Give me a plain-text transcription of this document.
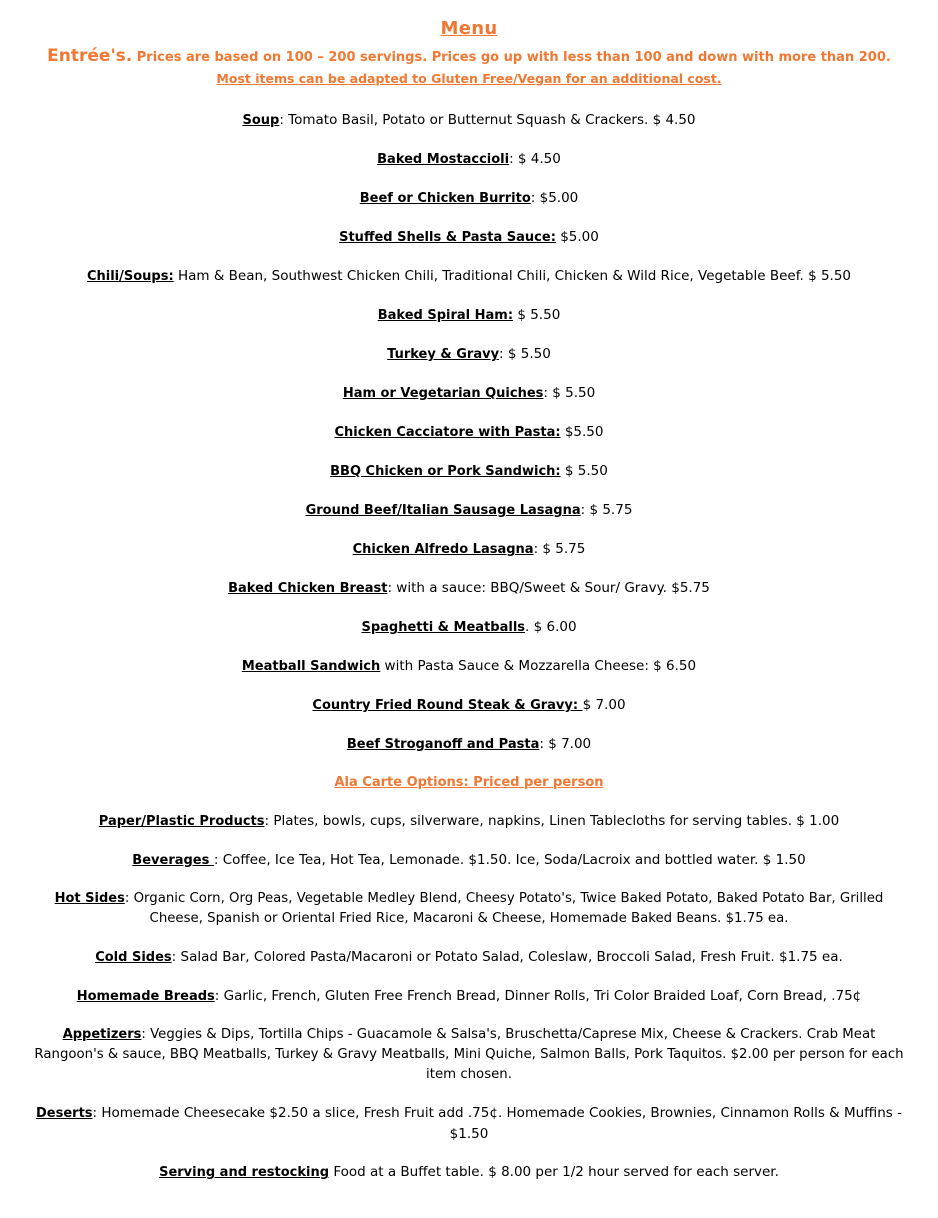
Menu
Entrée's. Prices are based on 100 – 200 servings. Prices go up with less than 100 and down with more than 200.
Most items can be adapted to Gluten Free/Vegan for an additional cost.
Soup: Tomato Basil, Potato or Butternut Squash & Crackers. $ 4.50
Baked Mostaccioli: $ 4.50
Beef or Chicken Burrito: $5.00
Stuffed Shells & Pasta Sauce: $5.00
Chili/Soups: Ham & Bean, Southwest Chicken Chili, Traditional Chili, Chicken & Wild Rice, Vegetable Beef. $ 5.50
Baked Spiral Ham: $ 5.50
Turkey & Gravy: $ 5.50
Ham or Vegetarian Quiches: $ 5.50
Chicken Cacciatore with Pasta: $5.50
BBQ Chicken or Pork Sandwich: $ 5.50
Ground Beef/Italian Sausage Lasagna: $ 5.75
Chicken Alfredo Lasagna: $ 5.75
Baked Chicken Breast: with a sauce: BBQ/Sweet & Sour/ Gravy. $5.75
Spaghetti & Meatballs. $ 6.00
Meatball Sandwich with Pasta Sauce & Mozzarella Cheese: $ 6.50
Country Fried Round Steak & Gravy: $ 7.00
Beef Stroganoff and Pasta: $ 7.00
Ala Carte Options: Priced per person
Paper/Plastic Products: Plates, bowls, cups, silverware, napkins, Linen Tablecloths for serving tables. $ 1.00
Beverages : Coffee, Ice Tea, Hot Tea, Lemonade. $1.50. Ice, Soda/Lacroix and bottled water. $ 1.50
Hot Sides: Organic Corn, Org Peas, Vegetable Medley Blend, Cheesy Potato's, Twice Baked Potato, Baked Potato Bar, Grilled Cheese, Spanish or Oriental Fried Rice, Macaroni & Cheese, Homemade Baked Beans. $1.75 ea.
Cold Sides: Salad Bar, Colored Pasta/Macaroni or Potato Salad, Coleslaw, Broccoli Salad, Fresh Fruit. $1.75 ea.
Homemade Breads: Garlic, French, Gluten Free French Bread, Dinner Rolls, Tri Color Braided Loaf, Corn Bread, .75¢
Appetizers: Veggies & Dips, Tortilla Chips - Guacamole & Salsa's, Bruschetta/Caprese Mix, Cheese & Crackers. Crab Meat Rangoon's & sauce, BBQ Meatballs, Turkey & Gravy Meatballs, Mini Quiche, Salmon Balls, Pork Taquitos. $2.00 per person for each item chosen.
Deserts: Homemade Cheesecake $2.50 a slice, Fresh Fruit add .75¢. Homemade Cookies, Brownies, Cinnamon Rolls & Muffins - $1.50
Serving and restocking Food at a Buffet table. $ 8.00 per 1/2 hour served for each server.
